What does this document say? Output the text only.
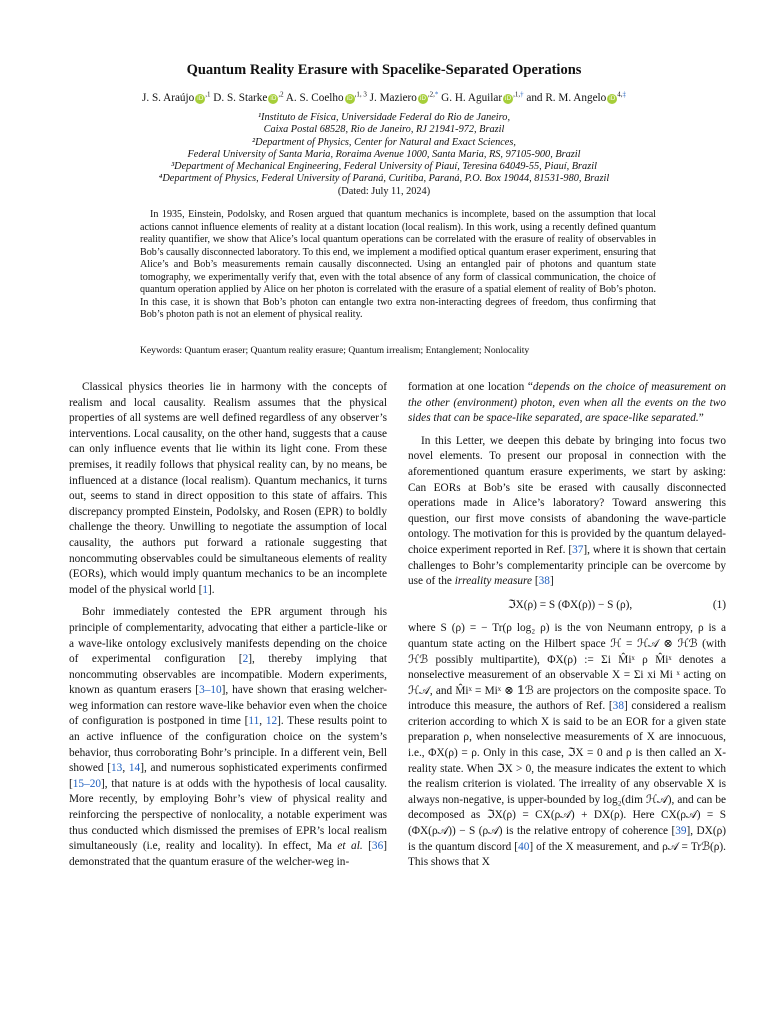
Quantum Reality Erasure with Spacelike-Separated Operations
J. S. Araújo $iD^{,1}$ D. S. Starke $iD^{,2}$ A. S. Coelho $iD^{,1, 3}$ J. Maziero $iD^{,2,*}$ G. H. Aguilar $iD^{,1,\dagger}$ and R. M. Angelo $iD^{4,\ddagger}$
¹Instituto de Física, Universidade Federal do Rio de Janeiro,
Caixa Postal 68528, Rio de Janeiro, RJ 21941-972, Brazil
²Department of Physics, Center for Natural and Exact Sciences,
Federal University of Santa Maria, Roraima Avenue 1000, Santa Maria, RS, 97105-900, Brazil
³Department of Mechanical Engineering, Federal University of Piauí, Teresina 64049-55, Piauí, Brazil
⁴Department of Physics, Federal University of Paraná, Curitiba, Paraná, P.O. Box 19044, 81531-980, Brazil
(Dated: July 11, 2024)

In 1935, Einstein, Podolsky, and Rosen argued that quantum mechanics is incomplete, based on the assumption that local actions cannot influence elements of reality at a distant location (local realism). In this work, using a recently defined quantum reality quantifier, we show that Alice’s local quantum operations can be correlated with the erasure of reality of observables in Bob’s causally disconnected laboratory. To this end, we implement a modified optical quantum eraser experiment, ensuring that Alice’s and Bob’s measurements remain causally disconnected. Using an entangled pair of photons and quantum state tomography, we experimentally verify that, even with the total absence of any form of classical communication, the choice of quantum operation applied by Alice on her photon is correlated with the erasure of a spatial element of reality of Bob’s photon. In this case, it is shown that Bob’s photon can entangle two extra non-interacting degrees of freedom, thus confirming that Bob’s photon path is not an element of physical reality.

Keywords: Quantum eraser; Quantum reality erasure; Quantum irrealism; Entanglement; Nonlocality

Classical physics theories lie in harmony with the concepts of realism and local causality. Realism assumes that the physical properties of all systems are well defined regardless of any observer’s interventions. Local causality, on the other hand, suggests that a cause can only influence events that lie within its light cone. From these premises, it readily follows that physical reality can, by no means, be influenced at a distance (local realism). Quantum mechanics, it turns out, seems to stand in direct opposition to this state of affairs. This discrepancy prompted Einstein, Podolsky, and Rosen (EPR) to boldly challenge the theory. Unwilling to negotiate the assumption of local causality, the authors put forward a rationale suggesting that noncommuting observables could be simultaneous elements of reality (EORs), which would imply quantum mechanics to be an incomplete model of the physical world [1].

Bohr immediately contested the EPR argument through his principle of complementarity, advocating that either a particle-like or a wave-like ontology exclusively manifests depending on the choice of experimental configuration [2], thereby implying that noncommuting observables are incompatible. Modern experiments, known as quantum erasers [3–10], have shown that erasing welcher-weg information can restore wave-like behavior even when the choice of configuration is postponed in time [11, 12]. These results point to an active influence of the configuration choice on the system’s behavior, thus corroborating Bohr’s principle. In a different vein, Bell showed [13, 14], and numerous sophisticated experiments confirmed [15–20], that nature is at odds with the hypothesis of local causality. More recently, by employing Bohr’s view of physical reality and reinforcing the perspective of nonlocality, a notable experiment was thus conducted which dismissed the premises of EPR’s local realism simultaneously (i.e, reality and locality). In effect, Ma et al. [36] demonstrated that the quantum erasure of the welcher-weg in-

formation at one location “depends on the choice of measurement on the other (environment) photon, even when all the events on the two sides that can be space-like separated, are space-like separated.”

In this Letter, we deepen this debate by bringing into focus two novel elements. To present our proposal in connection with the aforementioned quantum erasure experiments, we start by asking: Can EORs at Bob’s site be erased with causally disconnected operations made in Alice’s laboratory? Toward answering this question, our first move consists of abandoning the wave-particle ontology. The motivation for this is provided by the quantum delayed-choice experiment reported in Ref. [37], where it is shown that certain challenges to Bohr’s complementarity principle can be overcome by use of the irreality measure [38]

ℑX(ρ) = S (ΦX(ρ)) − S (ρ),	(1)

where S (ρ) = − Tr(ρ log₂ ρ) is the von Neumann entropy, ρ is a quantum state acting on the Hilbert space ℋ = ℋ𝒜 ⊗ ℋℬ (with ℋℬ possibly multipartite), ΦX(ρ) := Σi M̂iˣ ρ M̂iˣ denotes a nonselective measurement of an observable X = Σi xi Mi ˣ acting on ℋ𝒜, and M̂iˣ = Miˣ ⊗ 𝟙ℬ are projectors on the composite space. To introduce this measure, the authors of Ref. [38] considered a realism criterion according to which X is said to be an EOR for a given state preparation ρ, when nonselective measurements of X are innocuous, i.e., ΦX(ρ) = ρ. Only in this case, ℑX = 0 and ρ is then called an X-reality state. When ℑX > 0, the measure indicates the extent to which the realism criterion is violated. The irreality of any observable X is always non-negative, is upper-bounded by log₂(dim ℋ𝒜), and can be decomposed as ℑX(ρ) = CX(ρ𝒜) + DX(ρ). Here CX(ρ𝒜) = S (ΦX(ρ𝒜)) − S (ρ𝒜) is the relative entropy of coherence [39], DX(ρ) is the quantum discord [40] of the X measurement, and ρ𝒜 = Trℬ(ρ). This shows that X
